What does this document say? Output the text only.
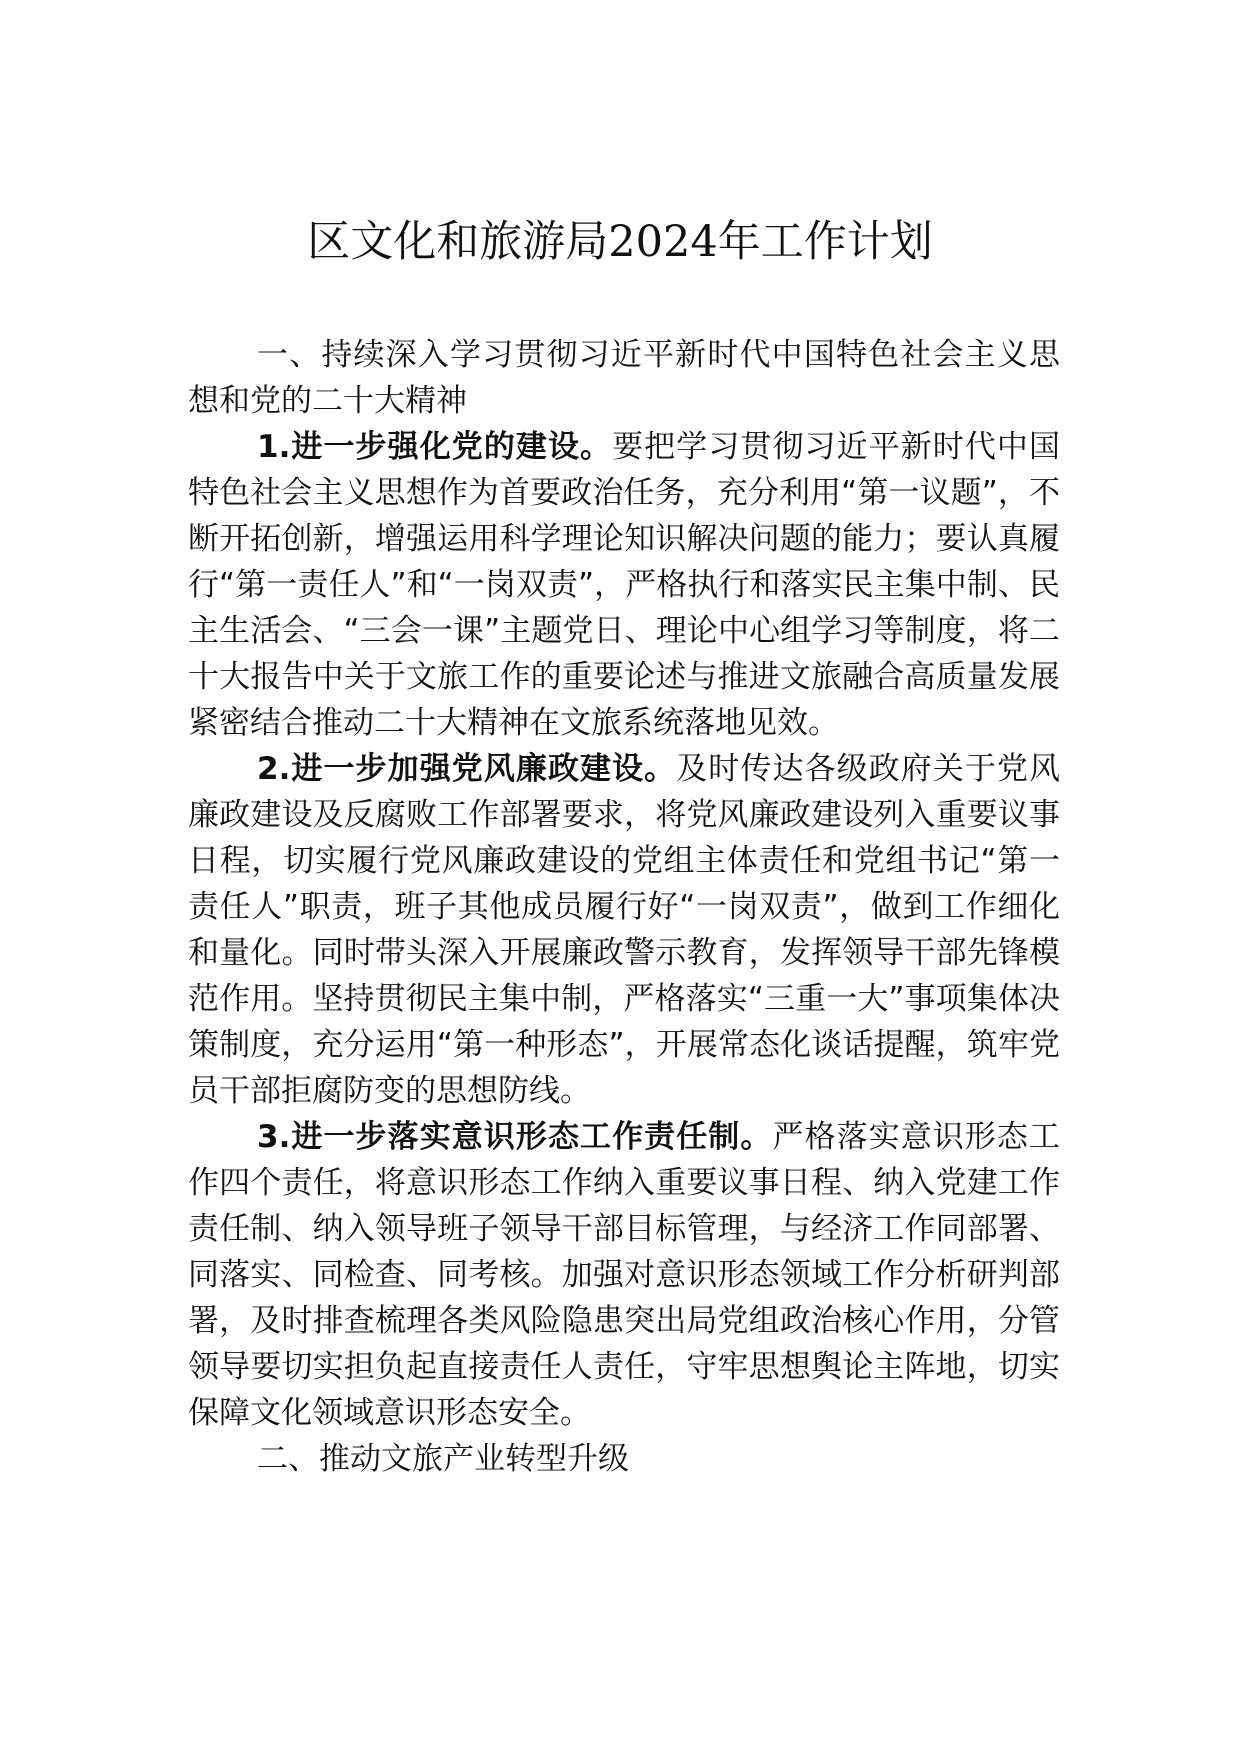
区文化和旅游局2024年工作计划

一、持续深入学习贯彻习近平新时代中国特色社会主义思想和党的二十大精神

1.进一步强化党的建设。要把学习贯彻习近平新时代中国特色社会主义思想作为首要政治任务，充分利用“第一议题”，不断开拓创新，增强运用科学理论知识解决问题的能力；要认真履行“第一责任人”和“一岗双责”，严格执行和落实民主集中制、民主生活会、“三会一课”主题党日、理论中心组学习等制度，将二十大报告中关于文旅工作的重要论述与推进文旅融合高质量发展紧密结合推动二十大精神在文旅系统落地见效。

2.进一步加强党风廉政建设。及时传达各级政府关于党风廉政建设及反腐败工作部署要求，将党风廉政建设列入重要议事日程，切实履行党风廉政建设的党组主体责任和党组书记“第一责任人”职责，班子其他成员履行好“一岗双责”，做到工作细化和量化。同时带头深入开展廉政警示教育，发挥领导干部先锋模范作用。坚持贯彻民主集中制，严格落实“三重一大”事项集体决策制度，充分运用“第一种形态”，开展常态化谈话提醒，筑牢党员干部拒腐防变的思想防线。

3.进一步落实意识形态工作责任制。严格落实意识形态工作四个责任，将意识形态工作纳入重要议事日程、纳入党建工作责任制、纳入领导班子领导干部目标管理，与经济工作同部署、同落实、同检查、同考核。加强对意识形态领域工作分析研判部署，及时排查梳理各类风险隐患突出局党组政治核心作用，分管领导要切实担负起直接责任人责任，守牢思想舆论主阵地，切实保障文化领域意识形态安全。

二、推动文旅产业转型升级
